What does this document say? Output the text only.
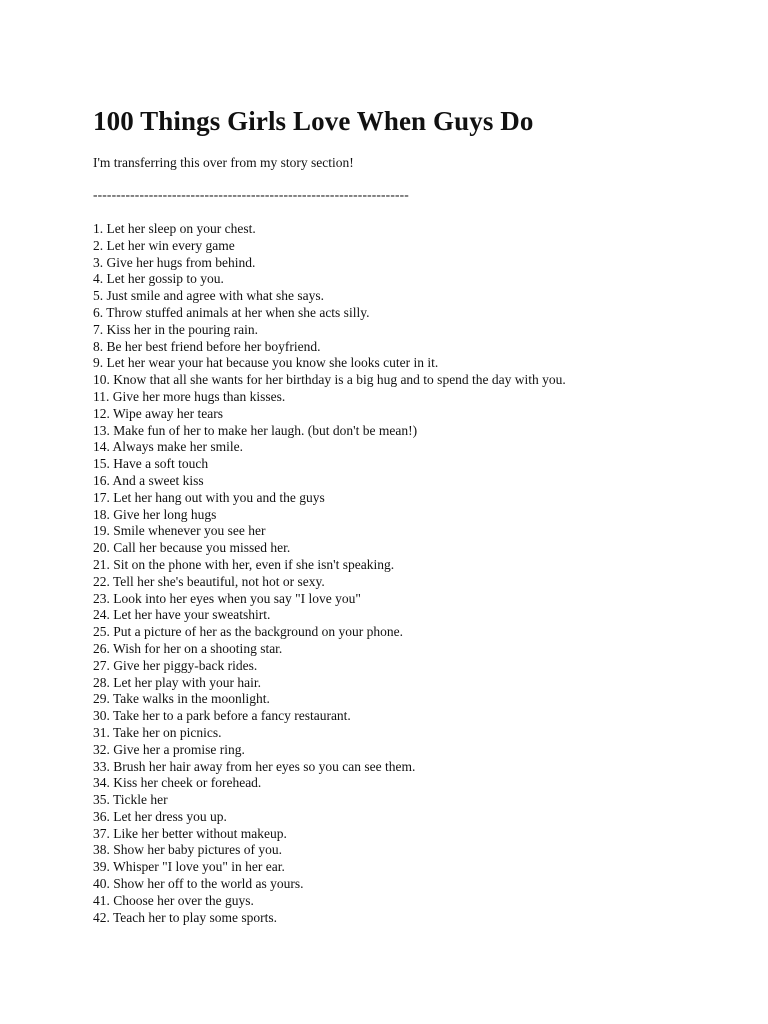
100 Things Girls Love When Guys Do
I'm transferring this over from my story section!
--------------------------------------------------------------------
1. Let her sleep on your chest.
2. Let her win every game
3. Give her hugs from behind.
4. Let her gossip to you.
5. Just smile and agree with what she says.
6. Throw stuffed animals at her when she acts silly.
7. Kiss her in the pouring rain.
8. Be her best friend before her boyfriend.
9. Let her wear your hat because you know she looks cuter in it.
10. Know that all she wants for her birthday is a big hug and to spend the day with you.
11. Give her more hugs than kisses.
12. Wipe away her tears
13. Make fun of her to make her laugh. (but don't be mean!)
14. Always make her smile.
15. Have a soft touch
16. And a sweet kiss
17. Let her hang out with you and the guys
18. Give her long hugs
19. Smile whenever you see her
20. Call her because you missed her.
21. Sit on the phone with her, even if she isn't speaking.
22. Tell her she's beautiful, not hot or sexy.
23. Look into her eyes when you say "I love you"
24. Let her have your sweatshirt.
25. Put a picture of her as the background on your phone.
26. Wish for her on a shooting star.
27. Give her piggy-back rides.
28. Let her play with your hair.
29. Take walks in the moonlight.
30. Take her to a park before a fancy restaurant.
31. Take her on picnics.
32. Give her a promise ring.
33. Brush her hair away from her eyes so you can see them.
34. Kiss her cheek or forehead.
35. Tickle her
36. Let her dress you up.
37. Like her better without makeup.
38. Show her baby pictures of you.
39. Whisper "I love you" in her ear.
40. Show her off to the world as yours.
41. Choose her over the guys.
42. Teach her to play some sports.
